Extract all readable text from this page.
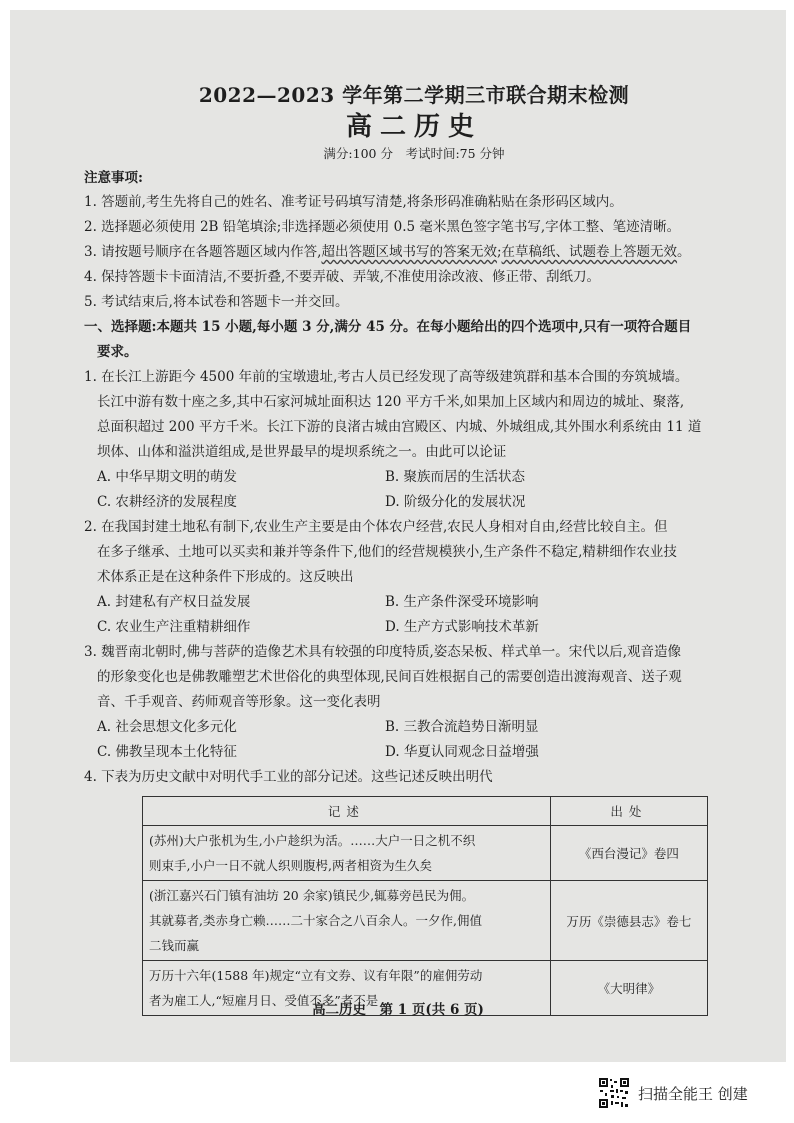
2022—2023 学年第二学期三市联合期末检测
高二历史
满分:100 分　考试时间:75 分钟
注意事项:
1. 答题前,考生先将自己的姓名、准考证号码填写清楚,将条形码准确粘贴在条形码区域内。
2. 选择题必须使用 2B 铅笔填涂;非选择题必须使用 0.5 毫米黑色签字笔书写,字体工整、笔迹清晰。
3. 请按题号顺序在各题答题区域内作答,超出答题区域书写的答案无效;在草稿纸、试题卷上答题无效。
4. 保持答题卡卡面清洁,不要折叠,不要弄破、弄皱,不准使用涂改液、修正带、刮纸刀。
5. 考试结束后,将本试卷和答题卡一并交回。
一、选择题:本题共 15 小题,每小题 3 分,满分 45 分。在每小题给出的四个选项中,只有一项符合题目
要求。
1. 在长江上游距今 4500 年前的宝墩遗址,考古人员已经发现了高等级建筑群和基本合围的夯筑城墙。
长江中游有数十座之多,其中石家河城址面积达 120 平方千米,如果加上区域内和周边的城址、聚落,
总面积超过 200 平方千米。长江下游的良渚古城由宫殿区、内城、外城组成,其外围水利系统由 11 道
坝体、山体和溢洪道组成,是世界最早的堤坝系统之一。由此可以论证
A. 中华早期文明的萌发	B. 聚族而居的生活状态
C. 农耕经济的发展程度	D. 阶级分化的发展状况
2. 在我国封建土地私有制下,农业生产主要是由个体农户经营,农民人身相对自由,经营比较自主。但
在多子继承、土地可以买卖和兼并等条件下,他们的经营规模狭小,生产条件不稳定,精耕细作农业技
术体系正是在这种条件下形成的。这反映出
A. 封建私有产权日益发展	B. 生产条件深受环境影响
C. 农业生产注重精耕细作	D. 生产方式影响技术革新
3. 魏晋南北朝时,佛与菩萨的造像艺术具有较强的印度特质,姿态呆板、样式单一。宋代以后,观音造像
的形象变化也是佛教雕塑艺术世俗化的典型体现,民间百姓根据自己的需要创造出渡海观音、送子观
音、千手观音、药师观音等形象。这一变化表明
A. 社会思想文化多元化	B. 三教合流趋势日渐明显
C. 佛教呈现本土化特征	D. 华夏认同观念日益增强
4. 下表为历史文献中对明代手工业的部分记述。这些记述反映出明代
记述	出处

(苏州)大户张机为生,小户趁织为活。……大户一日之机不织
则束手,小户一日不就人织则腹枵,两者相资为生久矣	《西台漫记》卷四

(浙江嘉兴石门镇有油坊 20 余家)镇民少,辄募旁邑民为佣。
其就募者,类赤身亡赖……二十家合之八百余人。一夕作,佣值
二钱而赢	万历《崇德县志》卷七

万历十六年(1588 年)规定“立有文券、议有年限”的雇佣劳动
者为雇工人,“短雇月日、受值不多”者不是	《大明律》
高二历史　第 1 页(共 6 页)
扫描全能王 创建
